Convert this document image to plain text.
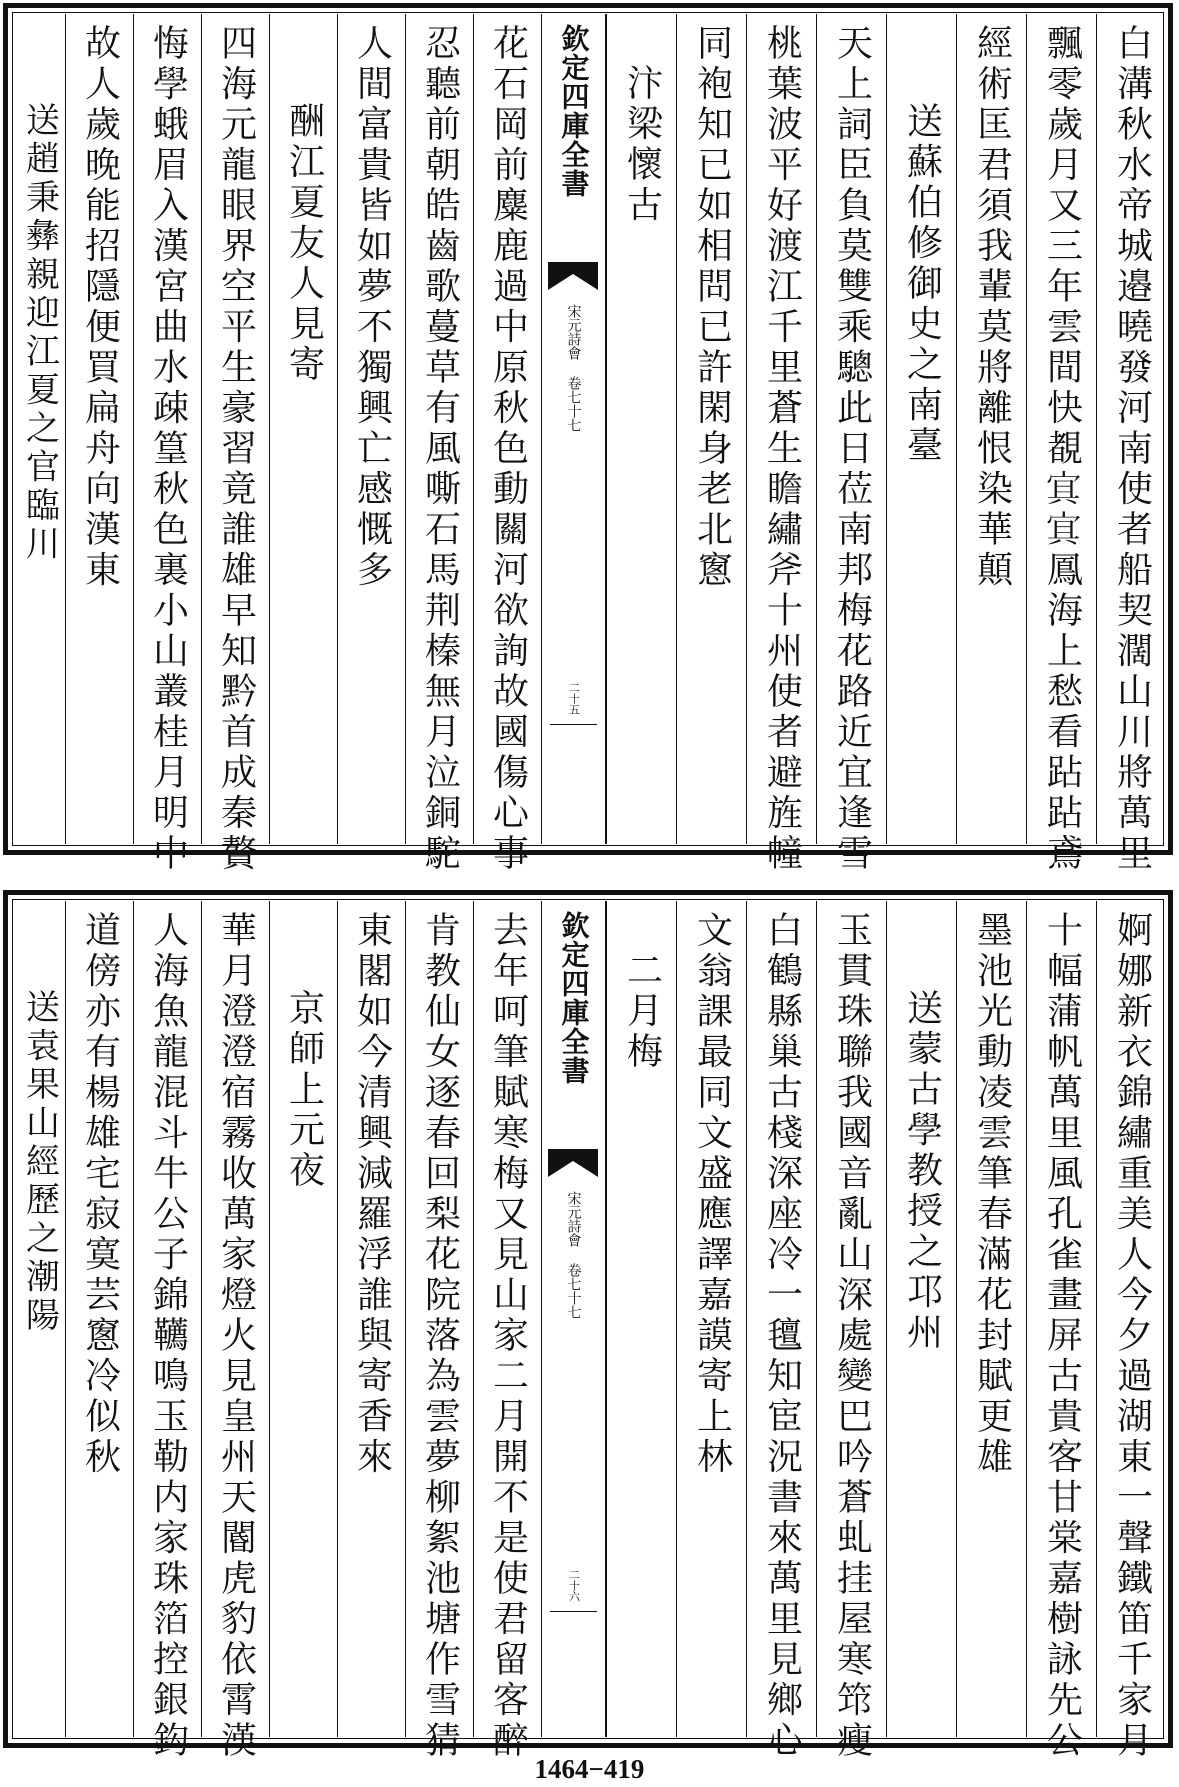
白溝秋水帝城邉曉發河南使者船契濶山川將萬里
飄零歲月又三年雲間快覩𡨋𡨋鳳海上愁看跕跕鳶
經術匡君須我輩莫將離恨染華顛
送蘇伯修御史之南臺
天上詞臣負莫雙乘驄此日莅南邦梅花路近宜逢雪
桃葉波平好渡江千里蒼生瞻繡斧十州使者避旌幢
同袍知已如相問已許閑身老北窻
汴梁懷古
欽定四庫全書
宋元詩會 卷七十七
二十五
花石岡前麋鹿過中原秋色動關河欲詢故國傷心事
忍聽前朝皓齒歌蔓草有風嘶石馬荆榛無月泣銅駝
人間富貴皆如夢不獨興亡感慨多
酬江夏友人見寄
四海元龍眼界空平生豪習竟誰雄早知黔首成秦贅
悔學蛾眉入漢宮曲水疎篁秋色裏小山叢桂月明中
故人歲晚能招隱便買扁舟向漢東
送趙秉彝親迎江夏之官臨川
婀娜新衣錦繡重美人今夕過湖東一聲鐵笛千家月
十幅蒲帆萬里風孔雀畫屏古貴客甘棠嘉樹詠先公
墨池光動凌雲筆春滿花封賦更雄
送蒙古學教授之邛州
玉貫珠聯我國音亂山深處變巴吟蒼虬挂屋寒筇瘦
白鶴縣巢古棧深座冷一氊知宦況書來萬里見鄉心
文翁課最同文盛應譯嘉謨寄上林
二月梅
欽定四庫全書
宋元詩會 卷七十七
二十六
去年呵筆賦寒梅又見山家二月開不是使君留客醉
肯教仙女逐春回梨花院落為雲夢柳絮池塘作雪猜
東閣如今清興減羅浮誰與寄香來
京師上元夜
華月澄澄宿霧收萬家燈火見皇州天閽虎豹依霄漢
人海魚龍混斗牛公子錦韉鳴玉勒内家珠箔控銀鈎
道傍亦有楊雄宅寂寞芸窻冷似秋
送袁果山經歷之潮陽
1464−419
